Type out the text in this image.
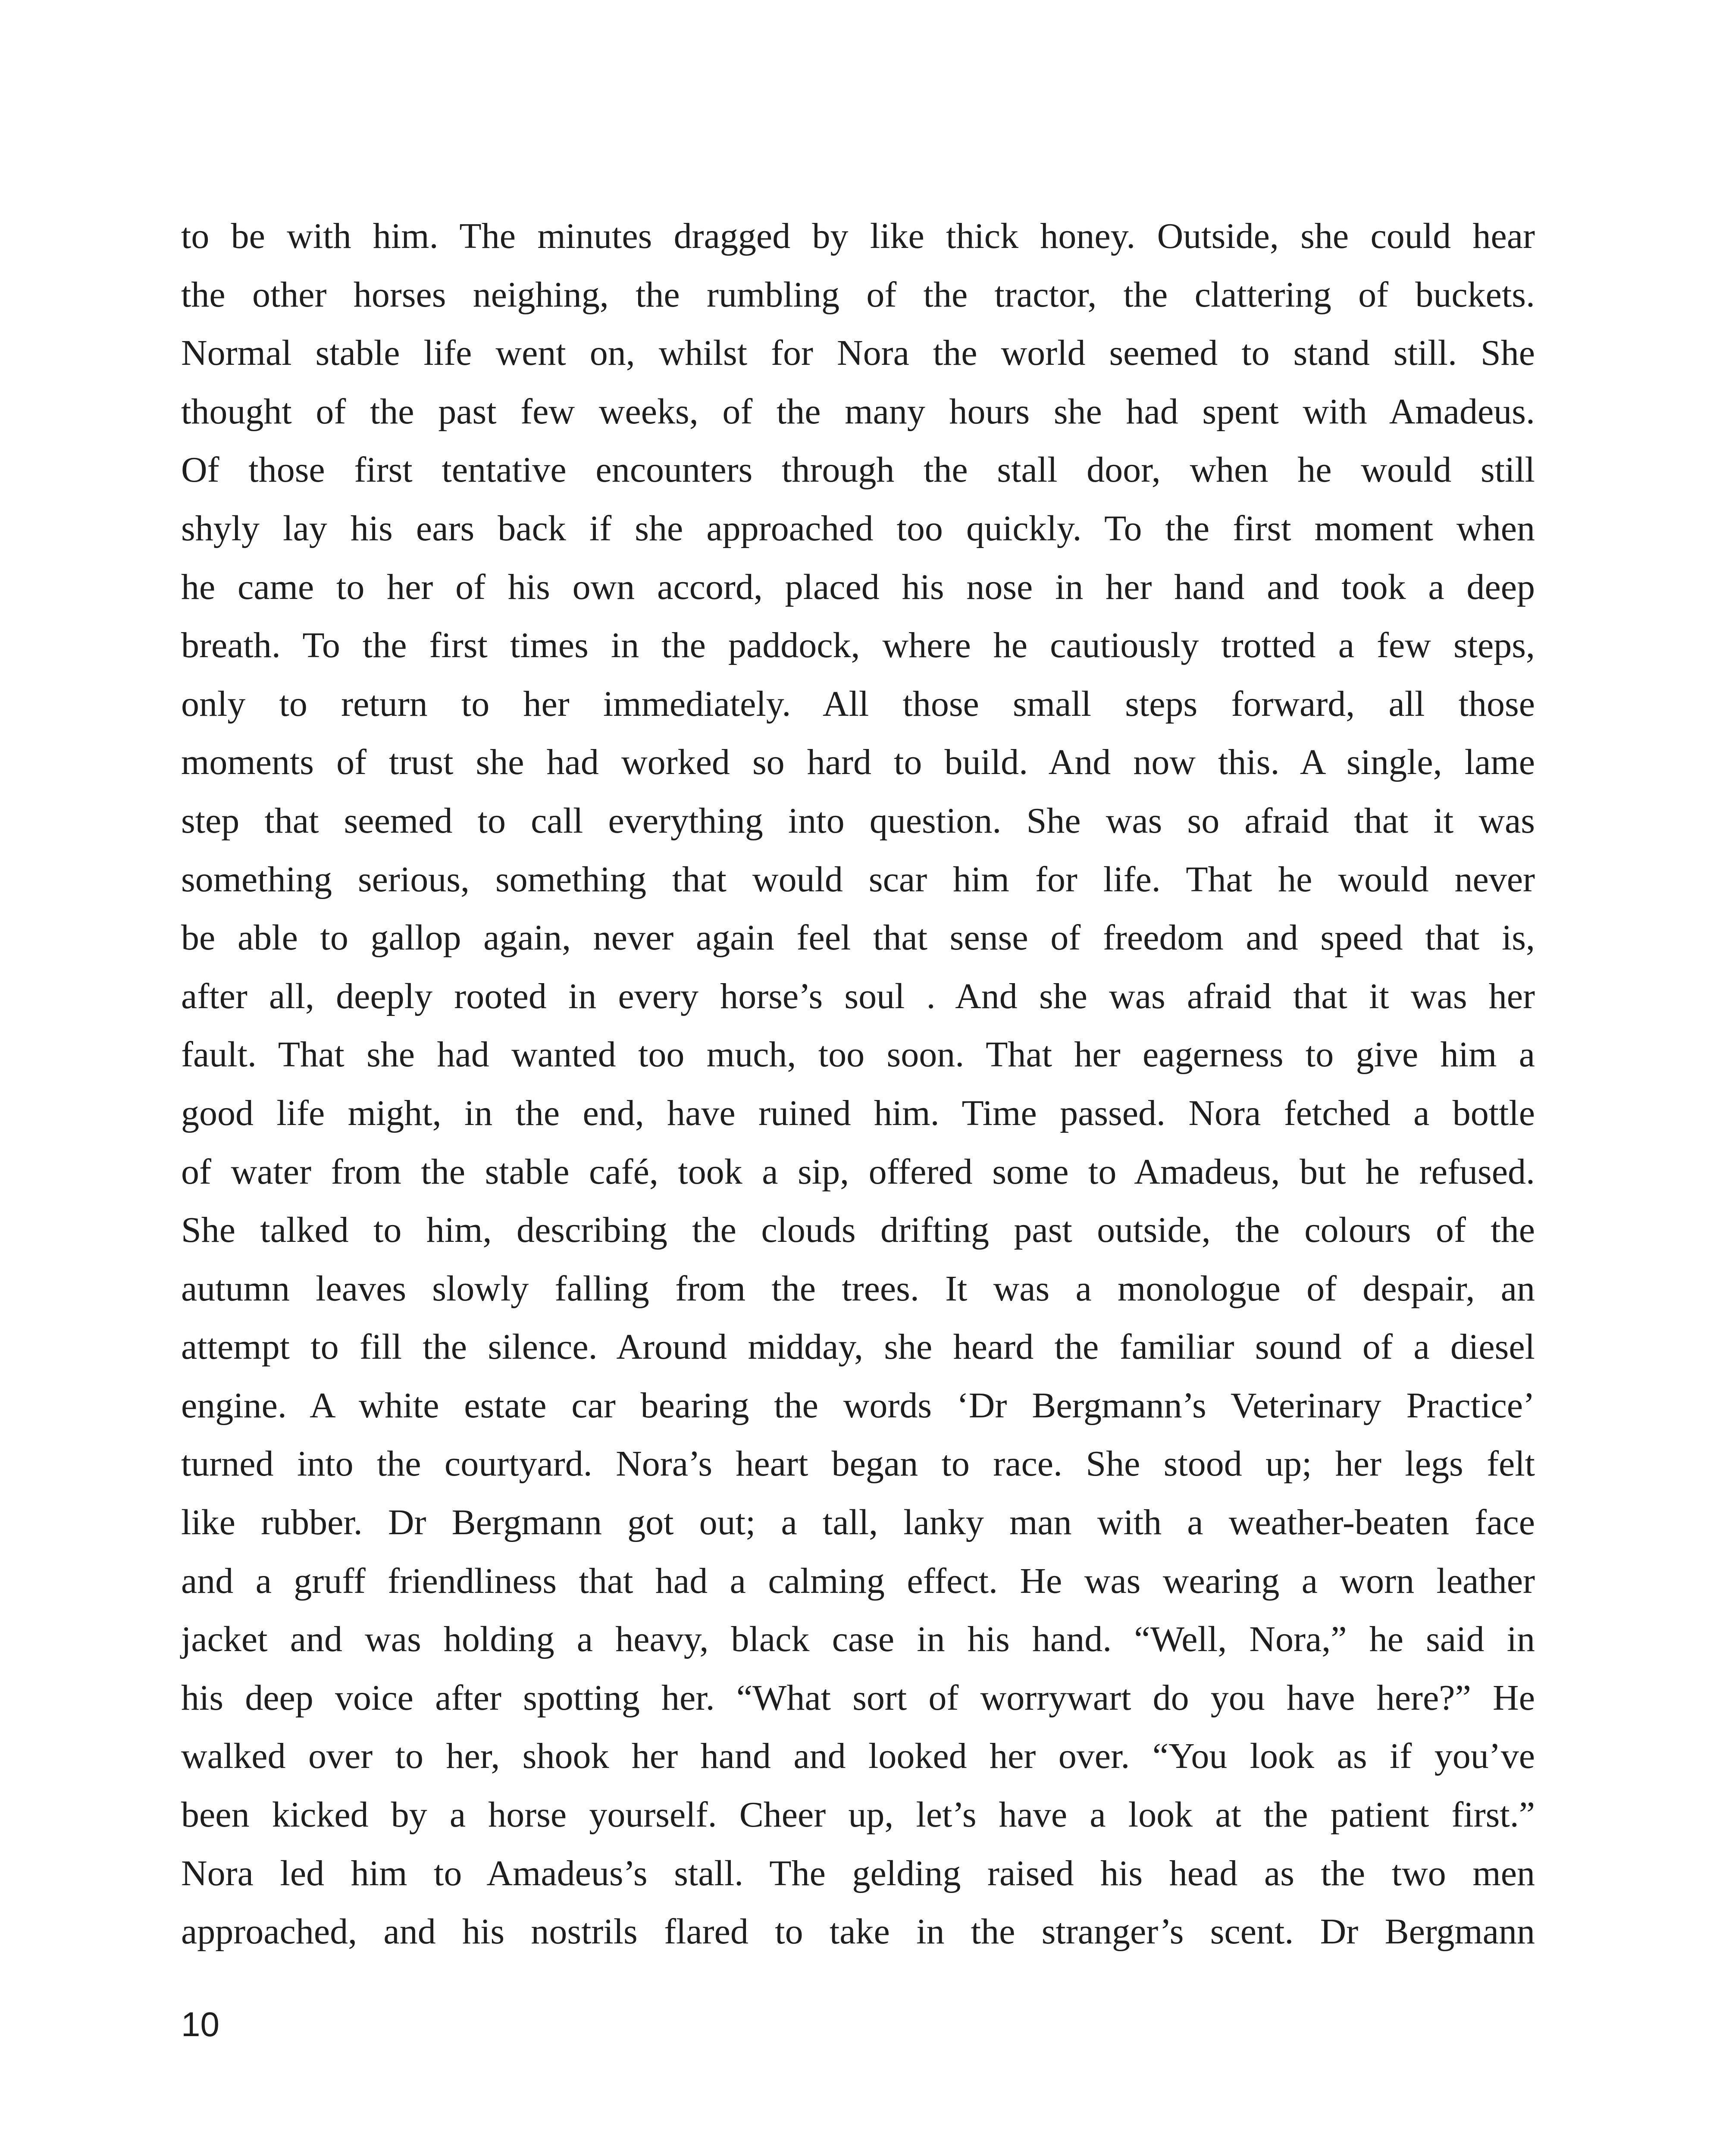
to be with him. The minutes dragged by like thick honey. Outside, she could hear
the other horses neighing, the rumbling of the tractor, the clattering of buckets.
Normal stable life went on, whilst for Nora the world seemed to stand still. She
thought of the past few weeks, of the many hours she had spent with Amadeus.
Of those first tentative encounters through the stall door, when he would still
shyly lay his ears back if she approached too quickly. To the first moment when
he came to her of his own accord, placed his nose in her hand and took a deep
breath. To the first times in the paddock, where he cautiously trotted a few steps,
only to return to her immediately. All those small steps forward, all those
moments of trust she had worked so hard to build. And now this. A single, lame
step that seemed to call everything into question. She was so afraid that it was
something serious, something that would scar him for life. That he would never
be able to gallop again, never again feel that sense of freedom and speed that is,
after all, deeply rooted in every horse’s soul . And she was afraid that it was her
fault. That she had wanted too much, too soon. That her eagerness to give him a
good life might, in the end, have ruined him. Time passed. Nora fetched a bottle
of water from the stable café, took a sip, offered some to Amadeus, but he refused.
She talked to him, describing the clouds drifting past outside, the colours of the
autumn leaves slowly falling from the trees. It was a monologue of despair, an
attempt to fill the silence. Around midday, she heard the familiar sound of a diesel
engine. A white estate car bearing the words ‘Dr Bergmann’s Veterinary Practice’
turned into the courtyard. Nora’s heart began to race. She stood up; her legs felt
like rubber. Dr Bergmann got out; a tall, lanky man with a weather-beaten face
and a gruff friendliness that had a calming effect. He was wearing a worn leather
jacket and was holding a heavy, black case in his hand. “Well, Nora,” he said in
his deep voice after spotting her. “What sort of worrywart do you have here?” He
walked over to her, shook her hand and looked her over. “You look as if you’ve
been kicked by a horse yourself. Cheer up, let’s have a look at the patient first.”
Nora led him to Amadeus’s stall. The gelding raised his head as the two men
approached, and his nostrils flared to take in the stranger’s scent. Dr Bergmann

10
